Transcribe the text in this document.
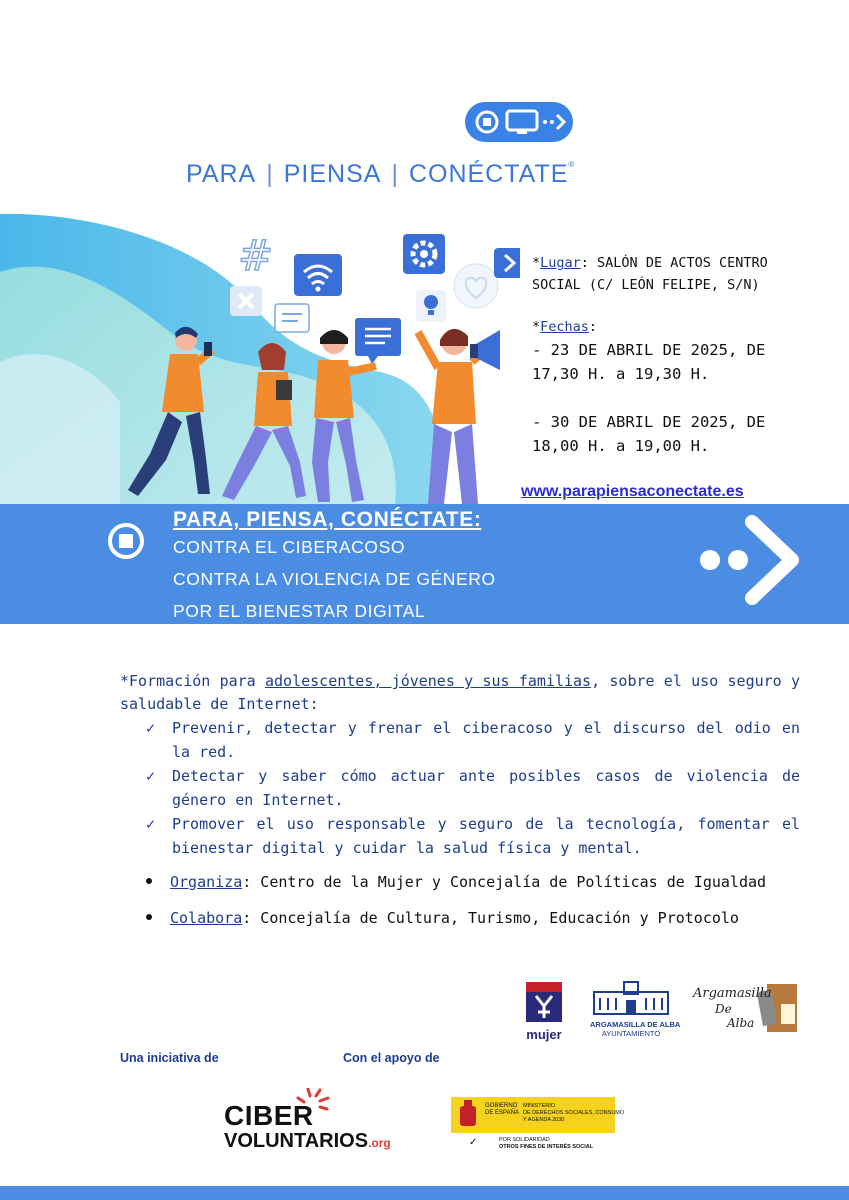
PARA | PIENSA | CONÉCTATE®
#	*Lugar: SALÓN DE ACTOS CENTRO
SOCIAL (C/ LEÓN FELIPE, S/N)
*Fechas:
- 23 DE ABRIL DE 2025, DE
17,30 H. a 19,30 H.
- 30 DE ABRIL DE 2025, DE
18,00 H. a 19,00 H.
www.parapiensaconectate.es
PARA, PIENSA, CONÉCTATE:
CONTRA EL CIBERACOSO
CONTRA LA VIOLENCIA DE GÉNERO
POR EL BIENESTAR DIGITAL
*Formación para adolescentes, jóvenes y sus familias, sobre el uso seguro y saludable de Internet:
✓ Prevenir, detectar y frenar el ciberacoso y el discurso del odio en la red.
✓ Detectar y saber cómo actuar ante posibles casos de violencia de género en Internet.
✓ Promover el uso responsable y seguro de la tecnología, fomentar el bienestar digital y cuidar la salud física y mental.
Organiza: Centro de la Mujer y Concejalía de Políticas de Igualdad
Colabora: Concejalía de Cultura, Turismo, Educación y Protocolo
mujer
ARGAMASILLA DE ALBA
AYUNTAMIENTO
Argamasilla
De
Alba
Una iniciativa de	Con el apoyo de
CIBER
VOLUNTARIOS.org
GOBIERNO
DE ESPAÑA
MINISTERIO
DE DERECHOS SOCIALES, CONSUMO
Y AGENDA 2030
✓	POR SOLIDARIDAD
OTROS FINES DE INTERÉS SOCIAL
